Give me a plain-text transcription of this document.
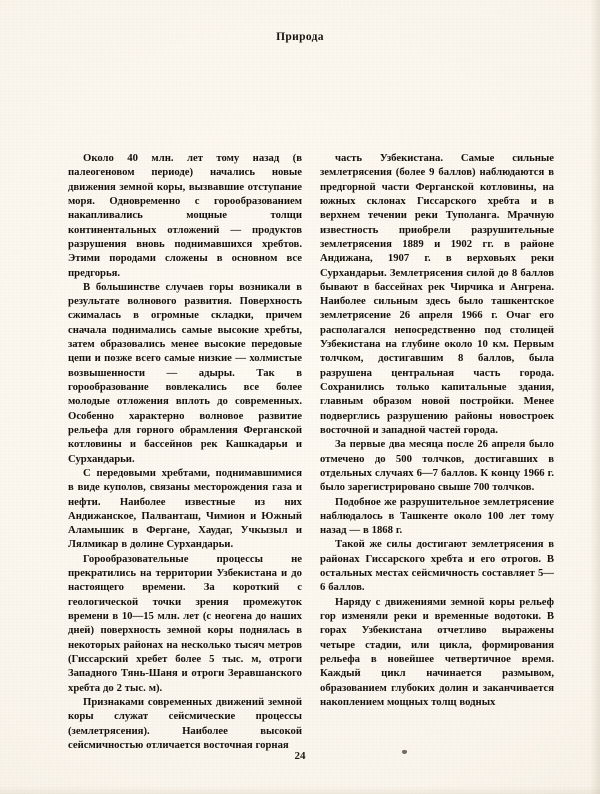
Природа

Около 40 млн. лет тому назад (в палеогеновом периоде) начались новые движения земной коры, вызвавшие отступание моря. Одновременно с горообразованием накапливались мощные толщи континентальных отложений — продуктов разрушения вновь поднимавшихся хребтов. Этими породами сложены в основном все предгорья.

В большинстве случаев горы возникали в результате волнового развития. Поверхность сжималась в огромные складки, причем сначала поднимались самые высокие хребты, затем образовались менее высокие передовые цепи и позже всего самые низкие — холмистые возвышенности — адыры. Так в горообразование вовлекались все более молодые отложения вплоть до современных. Особенно характерно волновое развитие рельефа для горного обрамления Ферганской котловины и бассейнов рек Кашкадарьи и Сурхандарьи.

С передовыми хребтами, поднимавшимися в виде куполов, связаны месторождения газа и нефти. Наиболее известные из них Андижанское, Палванташ, Чимион и Южный Аламышик в Фергане, Хаудаг, Учкызыл и Лялмикар в долине Сурхандарьи.

Горообразовательные процессы не прекратились на территории Узбекистана и до настоящего времени. За короткий с геологической точки зрения промежуток времени в 10—15 млн. лет (с неогена до наших дней) поверхность земной коры поднялась в некоторых районах на несколько тысяч метров (Гиссарский хребет более 5 тыс. м, отроги Западного Тянь-Шаня и отроги Зеравшанского хребта до 2 тыс. м).

Признаками современных движений земной коры служат сейсмические процессы (землетрясения). Наиболее высокой сейсмичностью отличается восточная горная

часть Узбекистана. Самые сильные землетрясения (более 9 баллов) наблюдаются в предгорной части Ферганской котловины, на южных склонах Гиссарского хребта и в верхнем течении реки Туполанга. Мрачную известность приобрели разрушительные землетрясения 1889 и 1902 гг. в районе Андижана, 1907 г. в верховьях реки Сурхандарьи. Землетрясения силой до 8 баллов бывают в бассейнах рек Чирчика и Ангрена. Наиболее сильным здесь было ташкентское землетрясение 26 апреля 1966 г. Очаг его располагался непосредственно под столицей Узбекистана на глубине около 10 км. Первым толчком, достигавшим 8 баллов, была разрушена центральная часть города. Сохранились только капитальные здания, главным образом новой постройки. Менее подверглись разрушению районы новостроек восточной и западной частей города.

За первые два месяца после 26 апреля было отмечено до 500 толчков, достигавших в отдельных случаях 6—7 баллов. К концу 1966 г. было зарегистрировано свыше 700 толчков.

Подобное же разрушительное землетрясение наблюдалось в Ташкенте около 100 лет тому назад — в 1868 г.

Такой же силы достигают землетрясения в районах Гиссарского хребта и его отрогов. В остальных местах сейсмичность составляет 5—6 баллов.

Наряду с движениями земной коры рельеф гор изменяли реки и временные водотоки. В горах Узбекистана отчетливо выражены четыре стадии, или цикла, формирования рельефа в новейшее четвертичное время. Каждый цикл начинается размывом, образованием глубоких долин и заканчивается накоплением мощных толщ водных

24
